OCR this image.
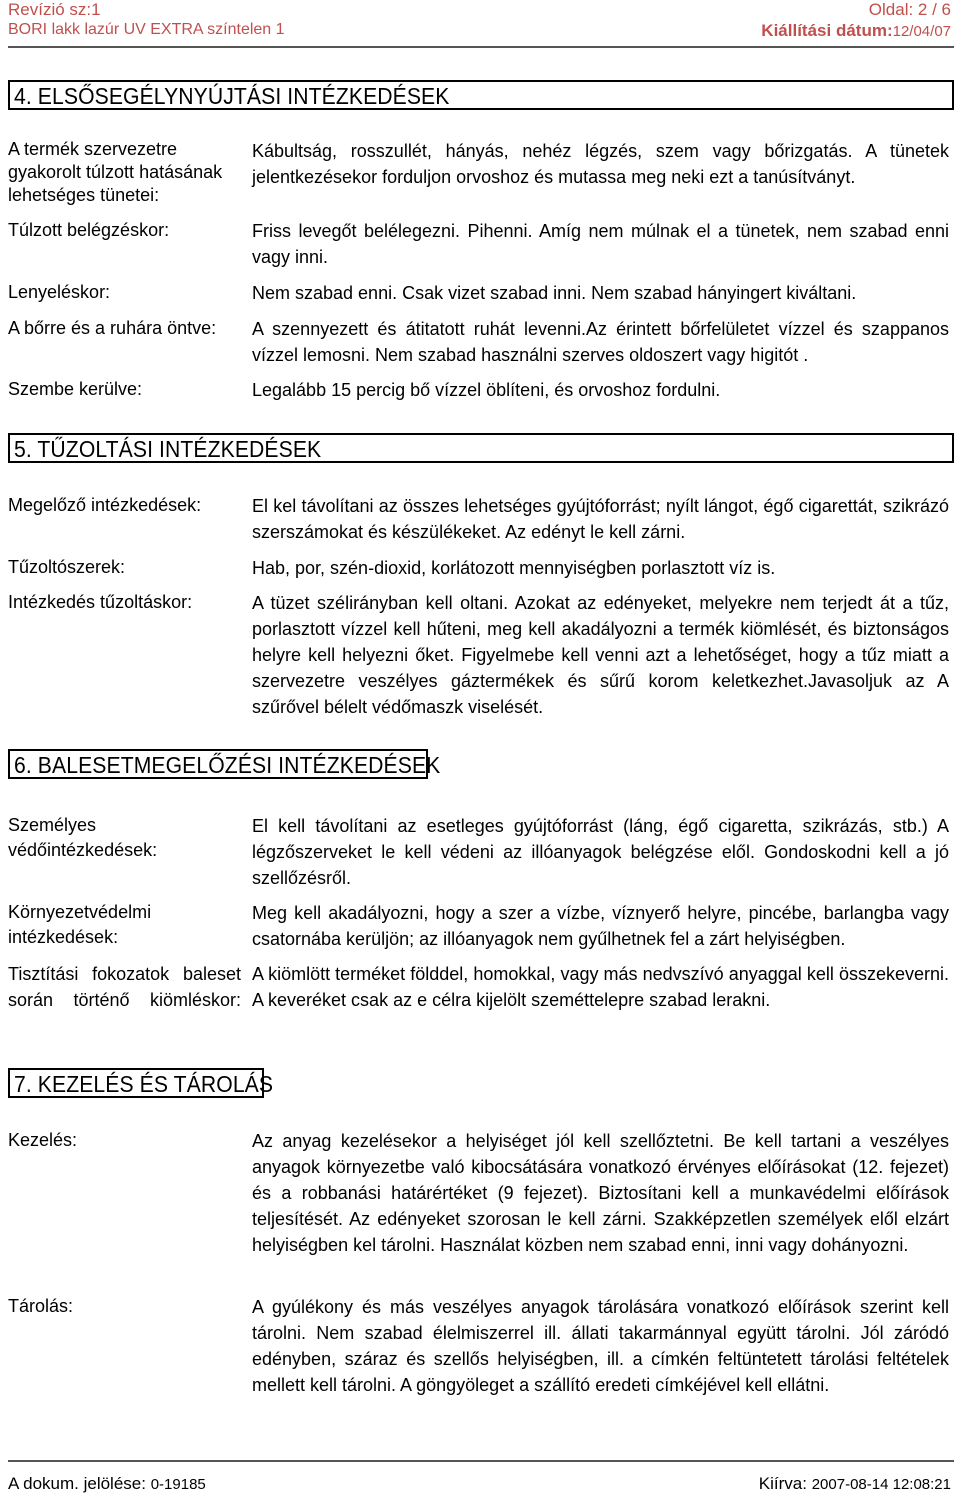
Revízió sz:1
BORI lakk lazúr UV EXTRA színtelen 1
Oldal: 2 / 6
Kiállítási dátum:12/04/07
4. ELSŐSEGÉLYNYÚJTÁSI INTÉZKEDÉSEK
A termék szervezetre gyakorolt túlzott hatásának lehetséges tünetei:
Kábultság, rosszullét, hányás, nehéz légzés, szem vagy bőrizgatás. A tünetek jelentkezésekor forduljon orvoshoz és mutassa meg neki ezt a tanúsítványt.
Túlzott belégzéskor:	Friss levegőt belélegezni. Pihenni. Amíg nem múlnak el a tünetek, nem szabad enni vagy inni.
Lenyeléskor:	Nem szabad enni. Csak vizet szabad inni. Nem szabad hányingert kiváltani.
A bőrre és a ruhára öntve:	A szennyezett és átitatott ruhát levenni.Az érintett bőrfelületet vízzel és szappanos vízzel lemosni. Nem szabad használni szerves oldoszert vagy higitót .
Szembe kerülve:	Legalább 15 percig bő vízzel öblíteni, és orvoshoz fordulni.
5. TŰZOLTÁSI INTÉZKEDÉSEK
Megelőző intézkedések:	El kel távolítani az összes lehetséges gyújtóforrást; nyílt lángot, égő cigarettát, szikrázó szerszámokat és készülékeket. Az edényt le kell zárni.
Tűzoltószerek:	Hab, por, szén-dioxid, korlátozott mennyiségben porlasztott víz is.
Intézkedés tűzoltáskor:	A tüzet szélirányban kell oltani. Azokat az edényeket, melyekre nem terjedt át a tűz, porlasztott vízzel kell hűteni, meg kell akadályozni a termék kiömlését, és biztonságos helyre kell helyezni őket. Figyelmebe kell venni azt a lehetőséget, hogy a tűz miatt a szervezetre veszélyes gáztermékek és sűrű korom keletkezhet.Javasoljuk az A szűrővel bélelt védőmaszk viselését.
6. BALESETMEGELŐZÉSI INTÉZKEDÉSEK
Személyes védőintézkedések:
El kell távolítani az esetleges gyújtóforrást (láng, égő cigaretta, szikrázás, stb.) A légzőszerveket le kell védeni az illóanyagok belégzése elől. Gondoskodni kell a jó szellőzésről.
Környezetvédelmi intézkedések:
Meg kell akadályozni, hogy a szer a vízbe, víznyerő helyre, pincébe, barlangba vagy csatornába kerüljön; az illóanyagok nem gyűlhetnek fel a zárt helyiségben.
Tisztítási fokozatok baleset során történő kiömléskor:
A kiömlött terméket földdel, homokkal, vagy más nedvszívó anyaggal kell összekeverni. A keveréket csak az e célra kijelölt szeméttelepre szabad lerakni.
7. KEZELÉS ÉS TÁROLÁS
Kezelés:	Az anyag kezelésekor a helyiséget jól kell szellőztetni. Be kell tartani a veszélyes anyagok környezetbe való kibocsátására vonatkozó érvényes előírásokat (12. fejezet) és a robbanási határértéket (9 fejezet). Biztosítani kell a munkavédelmi előírások teljesítését. Az edényeket szorosan le kell zárni. Szakképzetlen személyek elől elzárt helyiségben kel tárolni. Használat közben nem szabad enni, inni vagy dohányozni.
Tárolás:	A gyúlékony és más veszélyes anyagok tárolására vonatkozó előírások szerint kell tárolni. Nem szabad élelmiszerrel ill. állati takarmánnyal együtt tárolni. Jól záródó edényben, száraz és szellős helyiségben, ill. a címkén feltüntetett tárolási feltételek mellett kell tárolni. A göngyöleget a szállító eredeti címkéjével kell ellátni.
A dokum. jelölése: 0-19185	Kiírva: 2007-08-14 12:08:21
